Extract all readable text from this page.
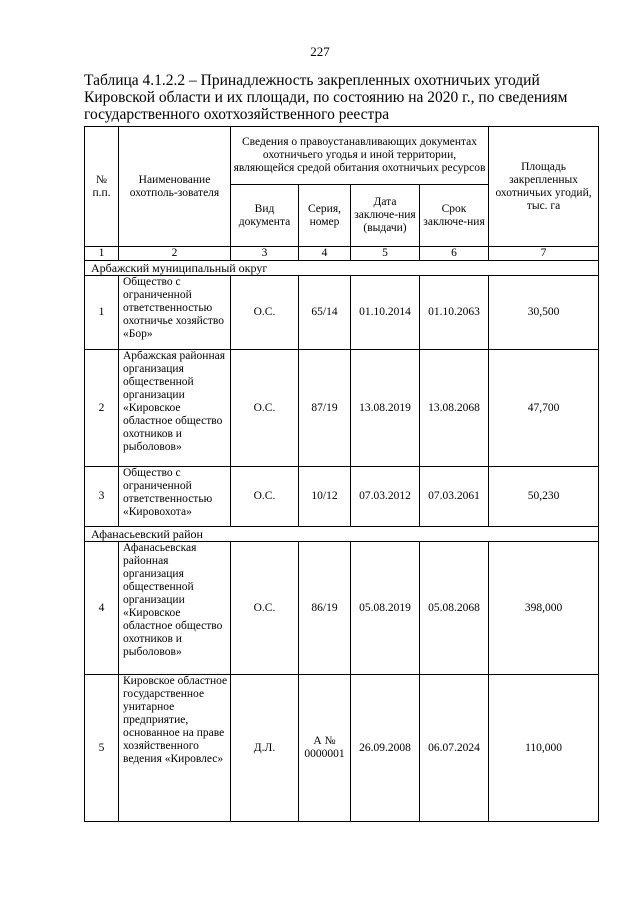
227
Таблица 4.1.2.2 – Принадлежность закрепленных охотничьих угодий Кировской области и их площади, по состоянию на 2020 г., по сведениям государственного охотхозяйственного реестра
№ п.п.	Наименование охотполь-зователя	Сведения о правоустанавливающих документах охотничьего угодья и иной территории, являющейся средой обитания охотничьих ресурсов				Площадь закрепленных охотничьих угодий, тыс. га
		Вид документа	Серия, номер	Дата заключе-ния (выдачи)	Срок заключе-ния	
1	2	3	4	5	6	7
Арбажский муниципальный округ						
1	Общество с ограниченной ответственностью охотничье хозяйство «Бор»	О.С.	65/14	01.10.2014	01.10.2063	30,500
2	Арбажская районная организация общественной организации «Кировское областное общество охотников и рыболовов»	О.С.	87/19	13.08.2019	13.08.2068	47,700
3	Общество с ограниченной ответственностью «Кировохота»	О.С.	10/12	07.03.2012	07.03.2061	50,230
Афанасьевский район						
4	Афанасьевская районная организация общественной организации «Кировское областное общество охотников и рыболовов»	О.С.	86/19	05.08.2019	05.08.2068	398,000
5	Кировское областное государственное унитарное предприятие, основанное на праве хозяйственного ведения «Кировлес»	Д.Л.	А № 0000001	26.09.2008	06.07.2024	110,000
